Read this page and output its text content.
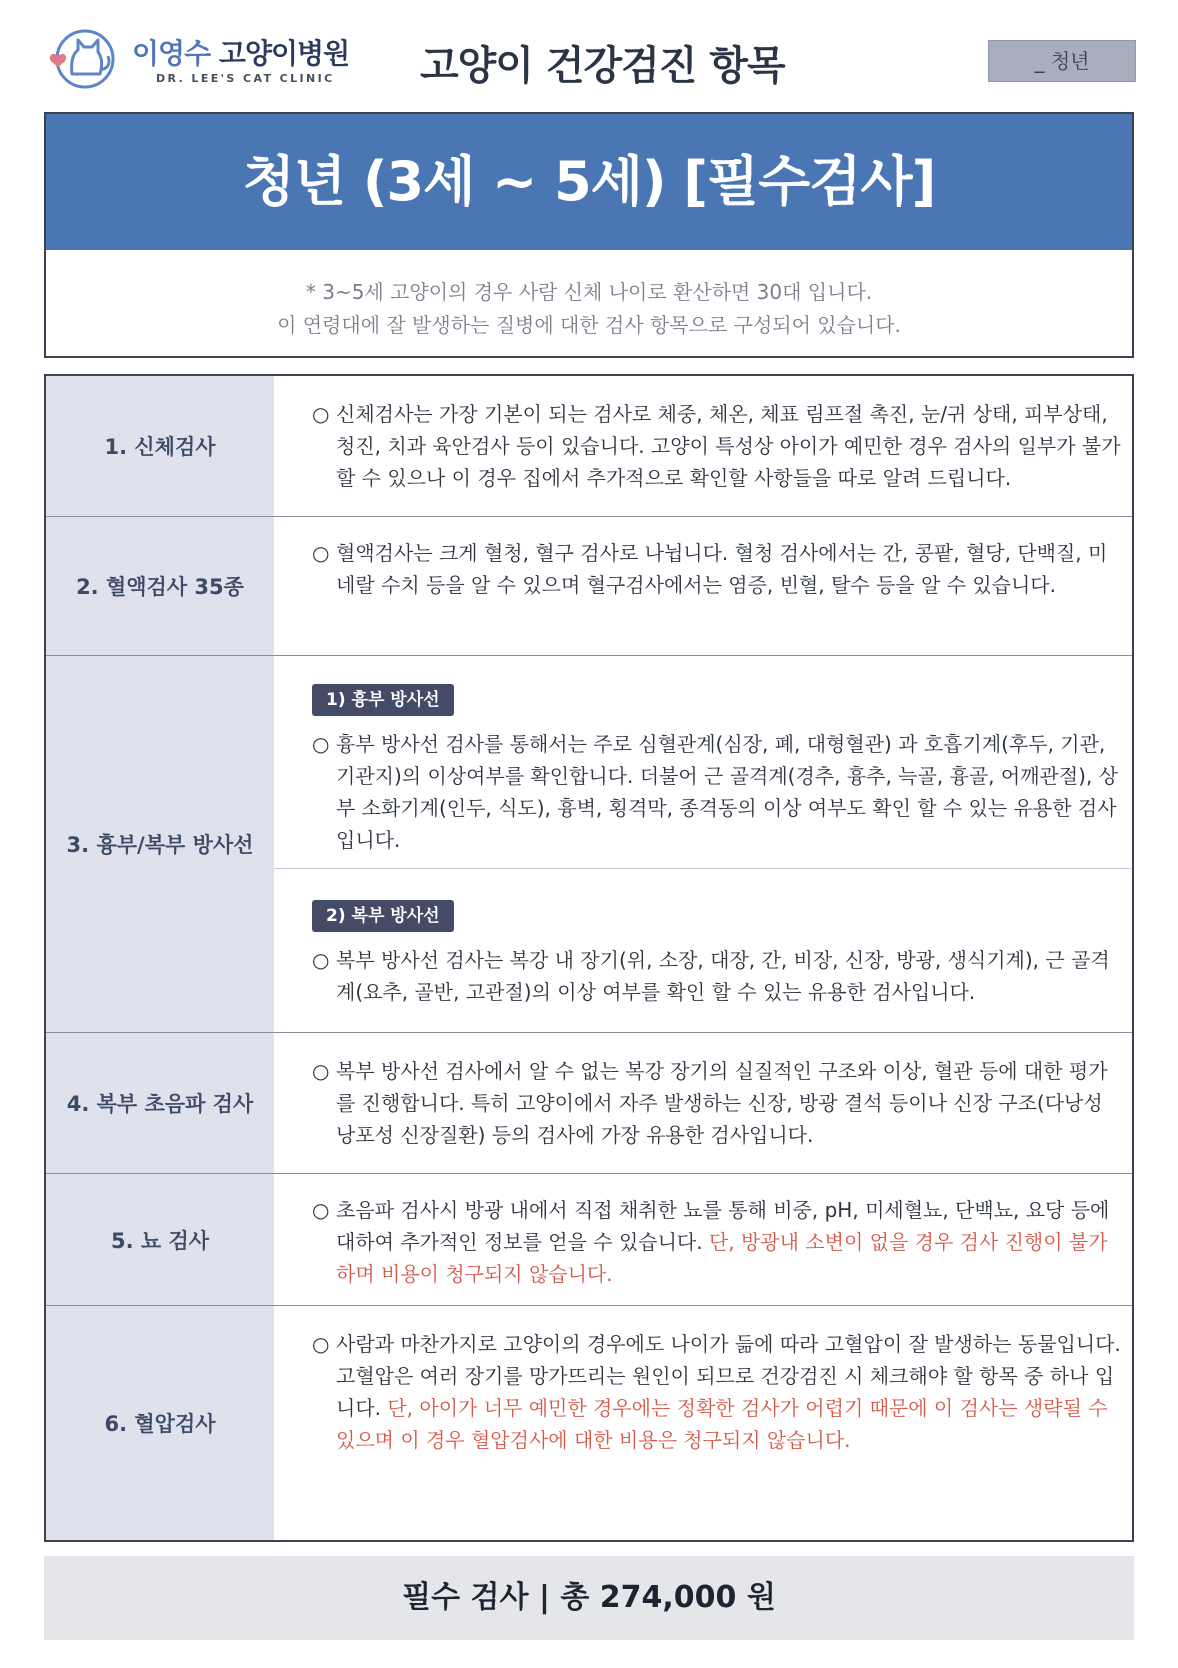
이영수 고양이병원
DR. LEE'S CAT CLINIC 고양이 건강검진 항목	_ 청년
청년 (3세 ~ 5세) [필수검사]
* 3~5세 고양이의 경우 사람 신체 나이로 환산하면 30대 입니다.
이 연령대에 잘 발생하는 질병에 대한 검사 항목으로 구성되어 있습니다.
1. 신체검사
○ 신체검사는 가장 기본이 되는 검사로 체중, 체온, 체표 림프절 촉진, 눈/귀 상태, 피부상태, 청진, 치과 육안검사 등이 있습니다. 고양이 특성상 아이가 예민한 경우 검사의 일부가 불가할 수 있으나 이 경우 집에서 추가적으로 확인할 사항들을 따로 알려 드립니다.
2. 혈액검사 35종
○ 혈액검사는 크게 혈청, 혈구 검사로 나뉩니다. 혈청 검사에서는 간, 콩팥, 혈당, 단백질, 미네랄 수치 등을 알 수 있으며 혈구검사에서는 염증, 빈혈, 탈수 등을 알 수 있습니다.
3. 흉부/복부 방사선
1) 흉부 방사선
○ 흉부 방사선 검사를 통해서는 주로 심혈관계(심장, 폐, 대형혈관) 과 호흡기계(후두, 기관, 기관지)의 이상여부를 확인합니다. 더불어 근 골격계(경추, 흉추, 늑골, 흉골, 어깨관절), 상부 소화기계(인두, 식도), 흉벽, 횡격막, 종격동의 이상 여부도 확인 할 수 있는 유용한 검사입니다.
2) 복부 방사선
○ 복부 방사선 검사는 복강 내 장기(위, 소장, 대장, 간, 비장, 신장, 방광, 생식기계), 근 골격계(요추, 골반, 고관절)의 이상 여부를 확인 할 수 있는 유용한 검사입니다.
4. 복부 초음파 검사
○ 복부 방사선 검사에서 알 수 없는 복강 장기의 실질적인 구조와 이상, 혈관 등에 대한 평가를 진행합니다. 특히 고양이에서 자주 발생하는 신장, 방광 결석 등이나 신장 구조(다낭성 낭포성 신장질환) 등의 검사에 가장 유용한 검사입니다.
5. 뇨 검사
○ 초음파 검사시 방광 내에서 직접 채취한 뇨를 통해 비중, pH, 미세혈뇨, 단백뇨, 요당 등에 대하여 추가적인 정보를 얻을 수 있습니다. 단, 방광내 소변이 없을 경우 검사 진행이 불가하며 비용이 청구되지 않습니다.
6. 혈압검사
○ 사람과 마찬가지로 고양이의 경우에도 나이가 듦에 따라 고혈압이 잘 발생하는 동물입니다. 고혈압은 여러 장기를 망가뜨리는 원인이 되므로 건강검진 시 체크해야 할 항목 중 하나 입니다. 단, 아이가 너무 예민한 경우에는 정확한 검사가 어렵기 때문에 이 검사는 생략될 수 있으며 이 경우 혈압검사에 대한 비용은 청구되지 않습니다.
필수 검사 | 총 274,000 원
